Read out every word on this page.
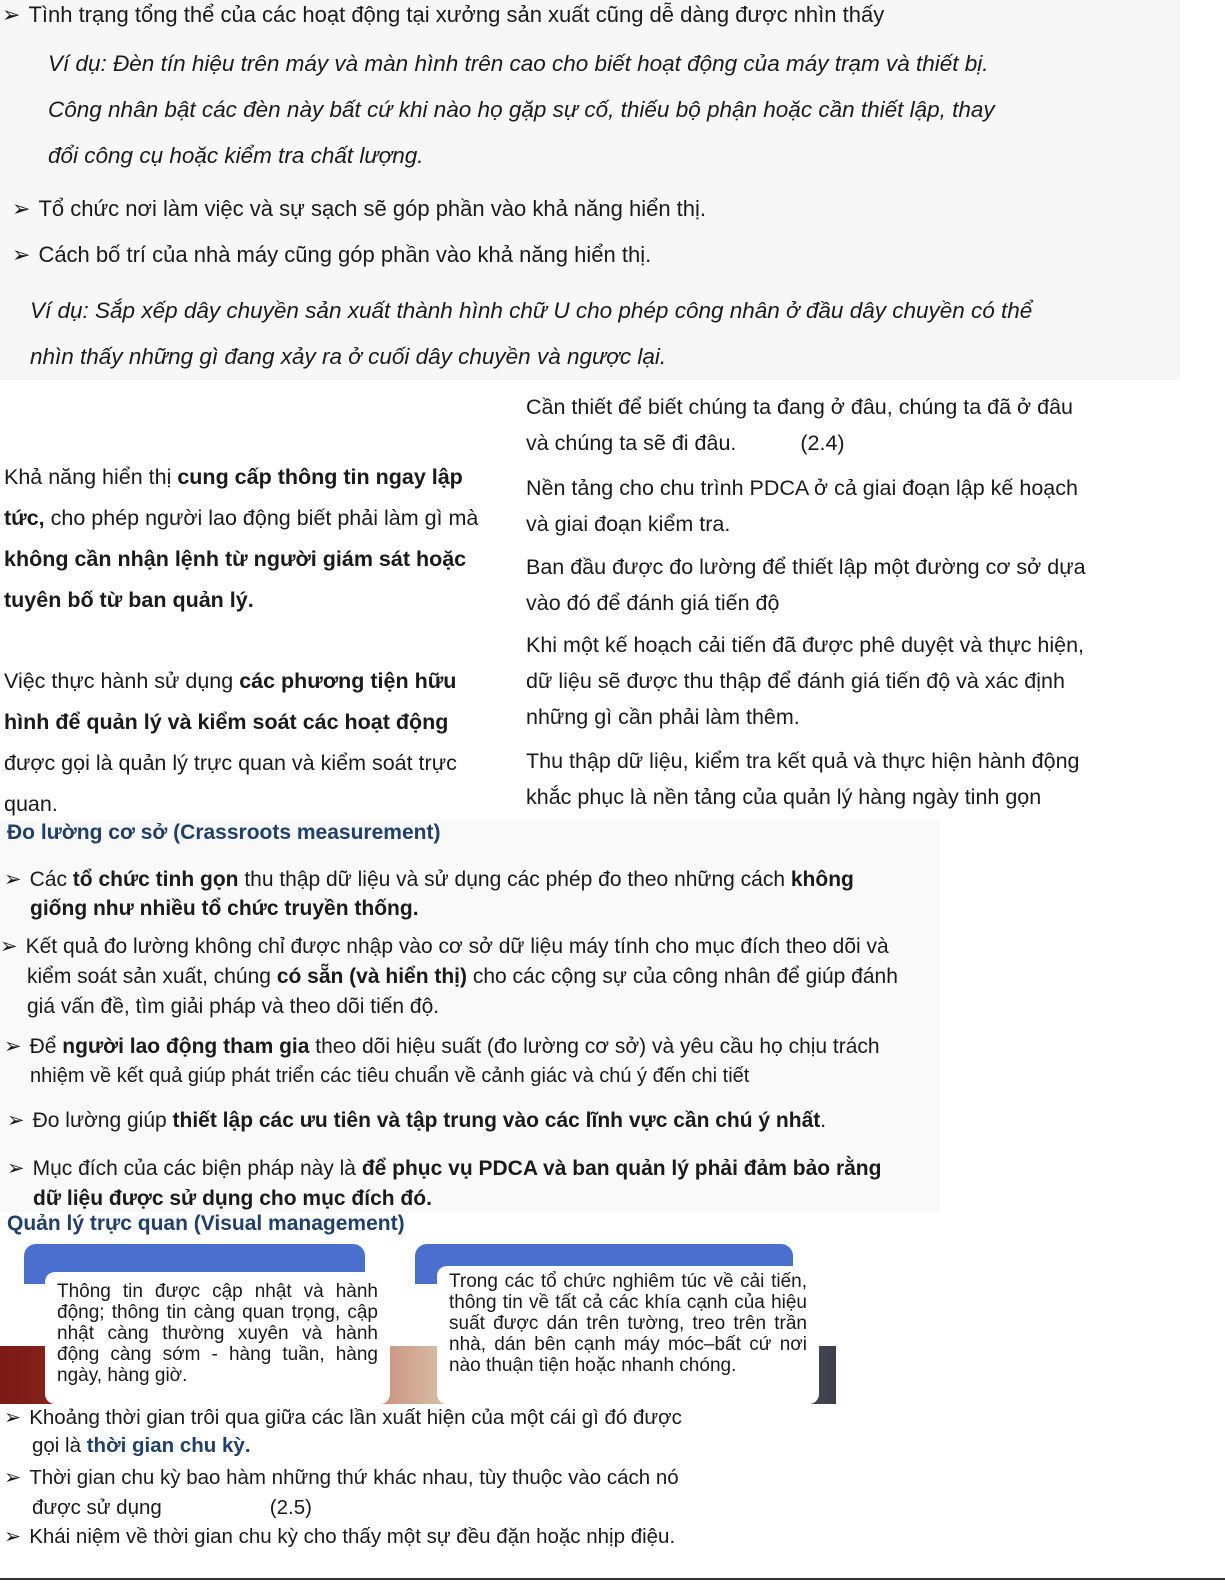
➢ Tình trạng tổng thể của các hoạt động tại xưởng sản xuất cũng dễ dàng được nhìn thấy
Ví dụ: Đèn tín hiệu trên máy và màn hình trên cao cho biết hoạt động của máy trạm và thiết bị.
Công nhân bật các đèn này bất cứ khi nào họ gặp sự cố, thiếu bộ phận hoặc cần thiết lập, thay
đổi công cụ hoặc kiểm tra chất lượng.
➢ Tổ chức nơi làm việc và sự sạch sẽ góp phần vào khả năng hiển thị.
➢ Cách bố trí của nhà máy cũng góp phần vào khả năng hiển thị.
Ví dụ: Sắp xếp dây chuyền sản xuất thành hình chữ U cho phép công nhân ở đầu dây chuyền có thể
nhìn thấy những gì đang xảy ra ở cuối dây chuyền và ngược lại.
Cần thiết để biết chúng ta đang ở đâu, chúng ta đã ở đâu
và chúng ta sẽ đi đâu.	(2.4)
Nền tảng cho chu trình PDCA ở cả giai đoạn lập kế hoạch
và giai đoạn kiểm tra.
Ban đầu được đo lường để thiết lập một đường cơ sở dựa
vào đó để đánh giá tiến độ
Khi một kế hoạch cải tiến đã được phê duyệt và thực hiện,
dữ liệu sẽ được thu thập để đánh giá tiến độ và xác định
những gì cần phải làm thêm.
Thu thập dữ liệu, kiểm tra kết quả và thực hiện hành động
khắc phục là nền tảng của quản lý hàng ngày tinh gọn
Khả năng hiển thị cung cấp thông tin ngay lập
tức, cho phép người lao động biết phải làm gì mà
không cần nhận lệnh từ người giám sát hoặc
tuyên bố từ ban quản lý.
Việc thực hành sử dụng các phương tiện hữu
hình để quản lý và kiểm soát các hoạt động
được gọi là quản lý trực quan và kiểm soát trực
quan.
Đo lường cơ sở (Crassroots measurement)
➢ Các tổ chức tinh gọn thu thập dữ liệu và sử dụng các phép đo theo những cách không
giống như nhiều tổ chức truyền thống.
➢ Kết quả đo lường không chỉ được nhập vào cơ sở dữ liệu máy tính cho mục đích theo dõi và
kiểm soát sản xuất, chúng có sẵn (và hiển thị) cho các cộng sự của công nhân để giúp đánh
giá vấn đề, tìm giải pháp và theo dõi tiến độ.
➢ Để người lao động tham gia theo dõi hiệu suất (đo lường cơ sở) và yêu cầu họ chịu trách
nhiệm về kết quả giúp phát triển các tiêu chuẩn về cảnh giác và chú ý đến chi tiết
➢ Đo lường giúp thiết lập các ưu tiên và tập trung vào các lĩnh vực cần chú ý nhất.
➢ Mục đích của các biện pháp này là để phục vụ PDCA và ban quản lý phải đảm bảo rằng
dữ liệu được sử dụng cho mục đích đó.
Quản lý trực quan (Visual management)
Thông tin được cập nhật và hành động; thông tin càng quan trọng, cập nhật càng thường xuyên và hành động càng sớm - hàng tuần, hàng ngày, hàng giờ.
Trong các tổ chức nghiêm túc về cải tiến, thông tin về tất cả các khía cạnh của hiệu suất được dán trên tường, treo trên trần nhà, dán bên cạnh máy móc–bất cứ nơi nào thuận tiện hoặc nhanh chóng.
➢ Khoảng thời gian trôi qua giữa các lần xuất hiện của một cái gì đó được
gọi là thời gian chu kỳ.
➢ Thời gian chu kỳ bao hàm những thứ khác nhau, tùy thuộc vào cách nó
được sử dụng	(2.5)
➢ Khái niệm về thời gian chu kỳ cho thấy một sự đều đặn hoặc nhịp điệu.
